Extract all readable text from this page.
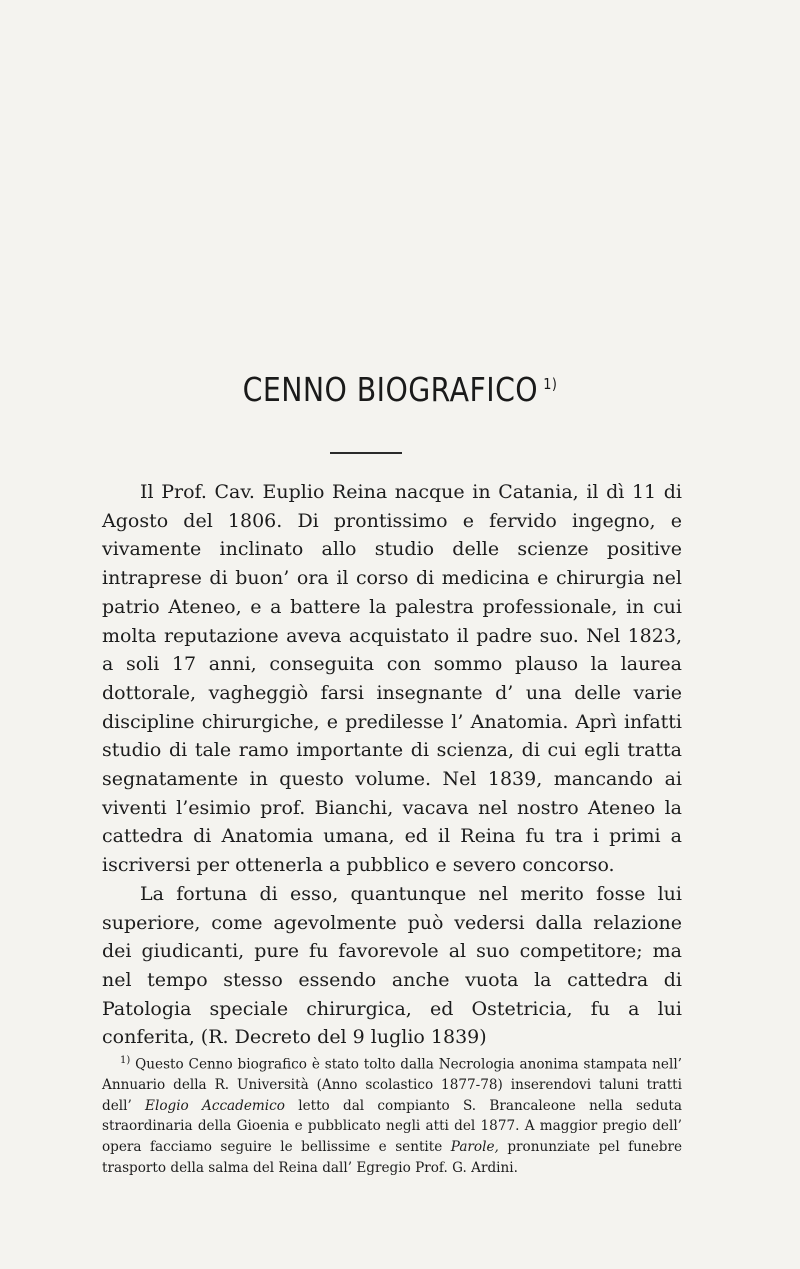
CENNO BIOGRAFICO $^{1)}$

Il Prof. Cav. Euplio Reina nacque in Catania, il dì 11 di Agosto del 1806. Di prontissimo e fervido ingegno, e vivamente inclinato allo studio delle scienze positive intraprese di buon’ ora il corso di medicina e chirurgia nel patrio Ateneo, e a battere la palestra professionale, in cui molta reputazione aveva acquistato il padre suo. Nel 1823, a soli 17 anni, conseguita con sommo plauso la laurea dottorale, vagheggiò farsi insegnante d’ una delle varie discipline chirurgiche, e predilesse l’ Anatomia. Aprì infatti studio di tale ramo importante di scienza, di cui egli tratta segnatamente in questo volume. Nel 1839, mancando ai viventi l’esimio prof. Bianchi, vacava nel nostro Ateneo la cattedra di Anatomia umana, ed il Reina fu tra i primi a iscriversi per ottenerla a pubblico e severo concorso.

La fortuna di esso, quantunque nel merito fosse lui superiore, come agevolmente può vedersi dalla relazione dei giudicanti, pure fu favorevole al suo competitore; ma nel tempo stesso essendo anche vuota la cattedra di Patologia speciale chirurgica, ed Ostetricia, fu a lui conferita, (R. Decreto del 9 luglio 1839)

$^{1)}$ Questo Cenno biografico è stato tolto dalla Necrologia anonima stampata nell’ Annuario della R. Università (Anno scolastico 1877-78) inserendovi taluni tratti dell’ Elogio Accademico letto dal compianto S. Brancaleone nella seduta straordinaria della Gioenia e pubblicato negli atti del 1877. A maggior pregio dell’ opera facciamo seguire le bellissime e sentite Parole, pronunziate pel funebre trasporto della salma del Reina dall’ Egregio Prof. G. Ardini.
